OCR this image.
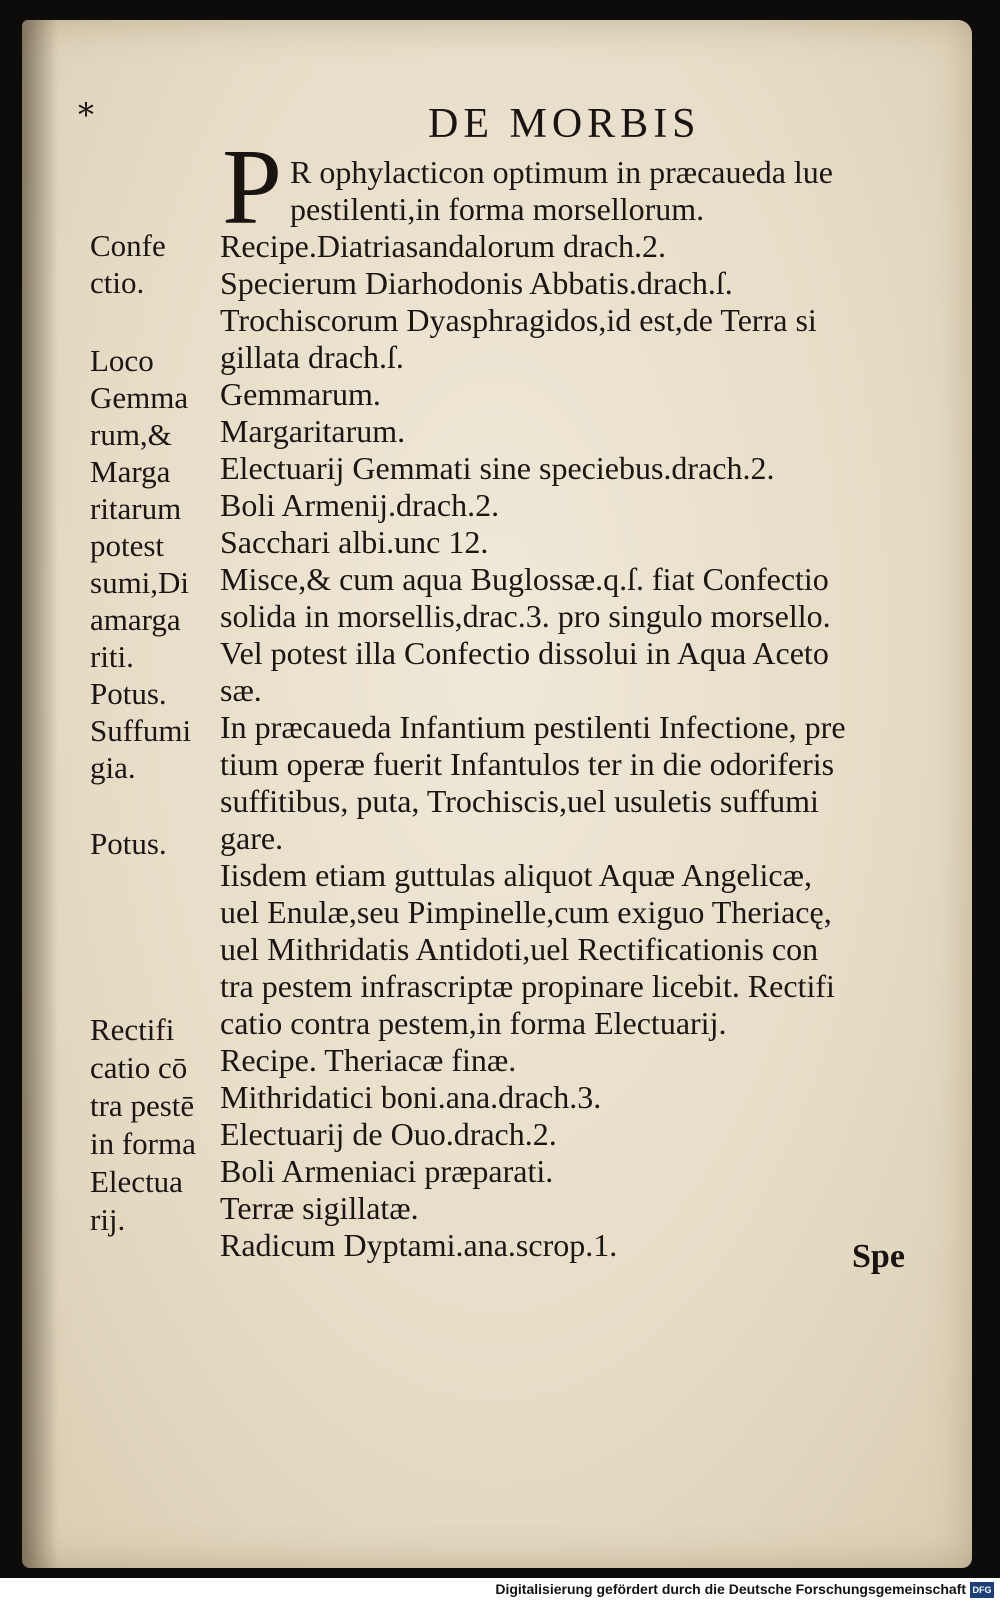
*	DE MORBIS
P R ophylacticon optimum in præcaueda lue
pestilenti,in forma morsellorum.
Recipe.Diatriasandalorum drach.2.
Specierum Diarhodonis Abbatis.drach.ſ.
Trochiscorum Dyasphragidos,id est,de Terra si
gillata drach.ſ.
Gemmarum.
Margaritarum.
Electuarij Gemmati sine speciebus.drach.2.
Boli Armenij.drach.2.
Sacchari albi.unc 12.
Misce,& cum aqua Buglossæ.q.ſ. fiat Confectio
solida in morsellis,drac.3. pro singulo morsello.
Vel potest illa Confectio dissolui in Aqua Aceto
sæ.
In præcaueda Infantium pestilenti Infectione, pre
tium operæ fuerit Infantulos ter in die odoriferis
suffitibus, puta, Trochiscis,uel usuletis suffumi
gare.
Iisdem etiam guttulas aliquot Aquæ Angelicæ,
uel Enulæ,seu Pimpinelle,cum exiguo Theriacę,
uel Mithridatis Antidoti,uel Rectificationis con
tra pestem infrascriptæ propinare licebit. Rectifi
catio contra pestem,in forma Electuarij.
Recipe. Theriacæ finæ.
Mithridatici boni.ana.drach.3.
Electuarij de Ouo.drach.2.
Boli Armeniaci præparati.
Terræ sigillatæ.
Radicum Dyptami.ana.scrop.1.
Confe
ctio.
Loco
Gemma
rum,&
Marga
ritarum
potest
sumi,Di
amarga
riti.
Potus.
Suffumi
gia.
Potus.
Rectifi
catio cō
tra pestē
in forma
Electua
rij.
Spe
Digitalisierung gefördert durch die Deutsche Forschungsgemeinschaft DFG
